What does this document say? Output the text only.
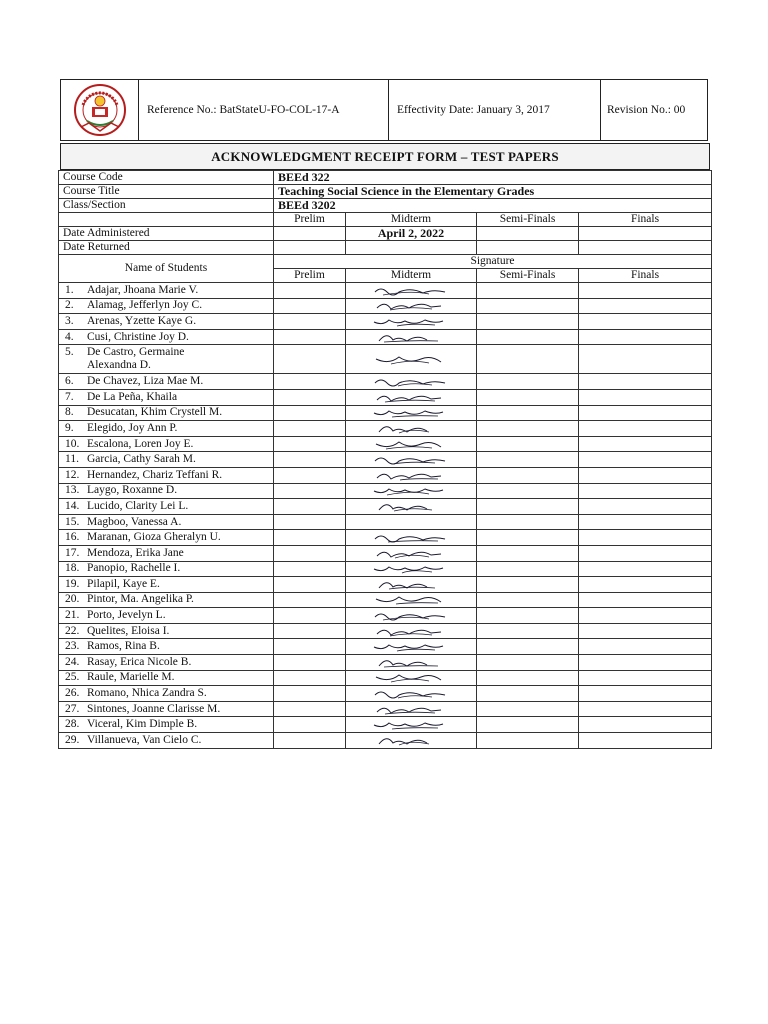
Reference No.: BatStateU-FO-COL-17-A	Effectivity Date: January 3, 2017	Revision No.: 00
ACKNOWLEDGMENT RECEIPT FORM – TEST PAPERS
Course Code	BEEd 322			
Course Title	Teaching Social Science in the Elementary Grades			
Class/Section	BEEd 3202			
	Prelim	Midterm	Semi-Finals	Finals
Date Administered		April 2, 2022		
Date Returned				
Name of Students	Signature			
	Prelim	Midterm	Semi-Finals	Finals
1. Adajar, Jhoana Marie V.		

2. Alamag, Jefferlyn Joy C.		

3. Arenas, Yzette Kaye G.		

4. Cusi, Christine Joy D.		

5. De Castro, Germaine
Alexandna D.		

6. De Chavez, Liza Mae M.		

7. De La Peña, Khaila		

8. Desucatan, Khim Crystell M.		

9. Elegido, Joy Ann P.		

10. Escalona, Loren Joy E.		

11. Garcia, Cathy Sarah M.		

12. Hernandez, Chariz Teffani R.		

13. Laygo, Roxanne D.		

14. Lucido, Clarity Lei L.		

15. Magboo, Vanessa A.				
16. Maranan, Gioza Gheralyn U.		

17. Mendoza, Erika Jane		

18. Panopio, Rachelle I.		

19. Pilapil, Kaye E.		

20. Pintor, Ma. Angelika P.		

21. Porto, Jevelyn L.		

22. Quelites, Eloisa I.		

23. Ramos, Rina B.		

24. Rasay, Erica Nicole B.		

25. Raule, Marielle M.		

26. Romano, Nhica Zandra S.		

27. Sintones, Joanne Clarisse M.		

28. Viceral, Kim Dimple B.		

29. Villanueva, Van Cielo C.		
